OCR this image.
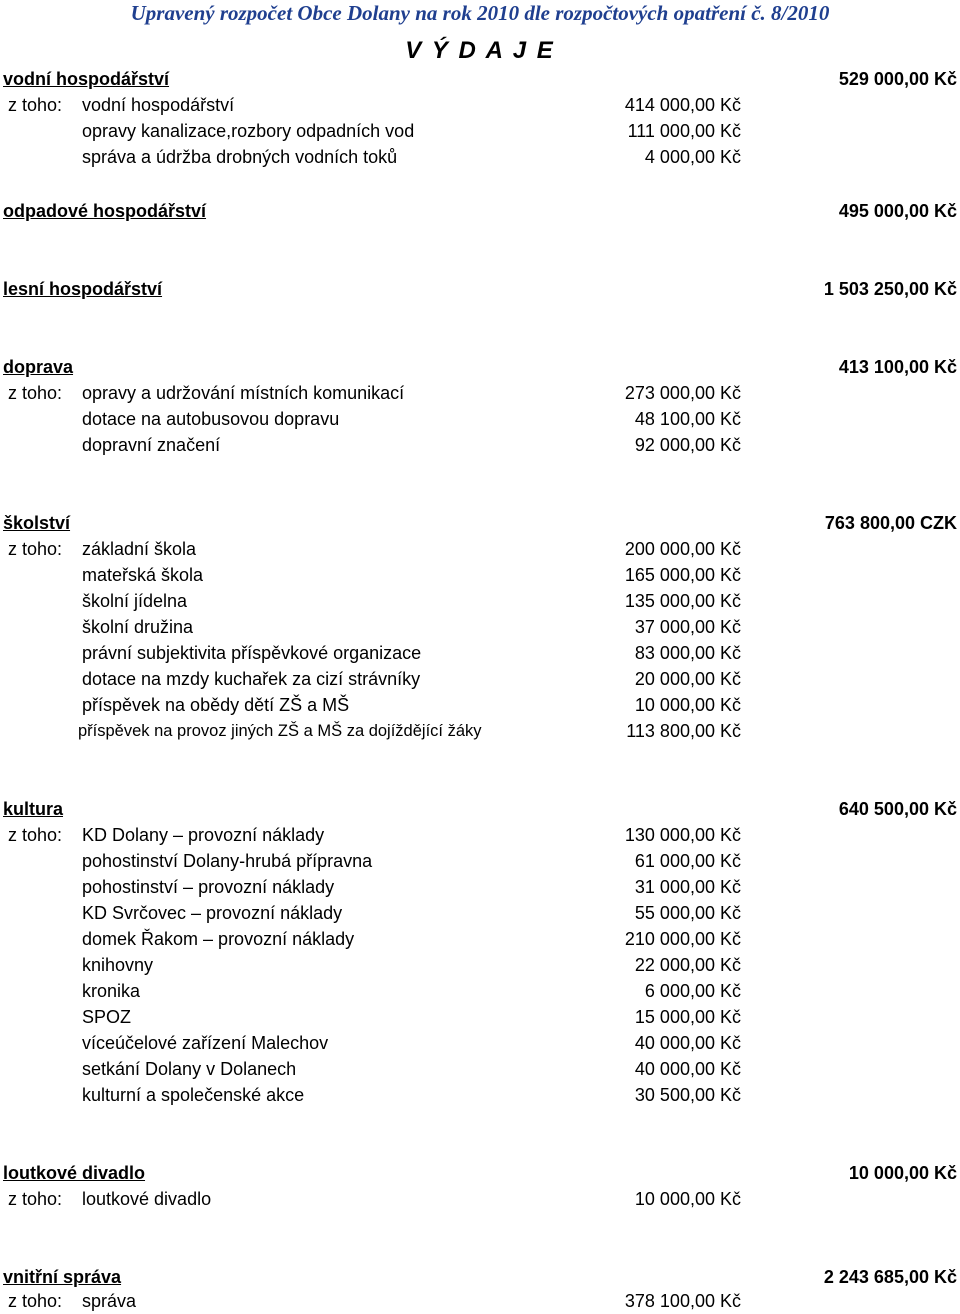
Upravený rozpočet Obce Dolany na rok 2010 dle rozpočtových opatření č. 8/2010
V Ý D A J E
vodní hospodářství	529 000,00 Kč
z toho: vodní hospodářství	414 000,00 Kč
opravy kanalizace,rozbory odpadních vod	111 000,00 Kč
správa a údržba drobných vodních toků	4 000,00 Kč
odpadové hospodářství	495 000,00 Kč
lesní hospodářství	1 503 250,00 Kč
doprava	413 100,00 Kč
z toho: opravy a udržování místních komunikací	273 000,00 Kč
dotace na autobusovou dopravu	48 100,00 Kč
dopravní značení	92 000,00 Kč
školství	763 800,00 CZK
z toho: základní škola	200 000,00 Kč
mateřská škola	165 000,00 Kč
školní jídelna	135 000,00 Kč
školní družina	37 000,00 Kč
právní subjektivita příspěvkové organizace	83 000,00 Kč
dotace na mzdy kuchařek za cizí strávníky	20 000,00 Kč
příspěvek na obědy dětí ZŠ a MŠ	10 000,00 Kč
příspěvek na provoz jiných ZŠ a MŠ za dojíždějící žáky	113 800,00 Kč
kultura	640 500,00 Kč
z toho: KD Dolany – provozní náklady	130 000,00 Kč
pohostinství Dolany-hrubá přípravna	61 000,00 Kč
pohostinství – provozní náklady	31 000,00 Kč
KD Svrčovec – provozní náklady	55 000,00 Kč
domek Řakom – provozní náklady	210 000,00 Kč
knihovny	22 000,00 Kč
kronika	6 000,00 Kč
SPOZ	15 000,00 Kč
víceúčelové zařízení Malechov	40 000,00 Kč
setkání Dolany v Dolanech	40 000,00 Kč
kulturní a společenské akce	30 500,00 Kč
loutkové divadlo	10 000,00 Kč
z toho: loutkové divadlo	10 000,00 Kč
vnitřní správa	2 243 685,00 Kč
z toho: správa	378 100,00 Kč
